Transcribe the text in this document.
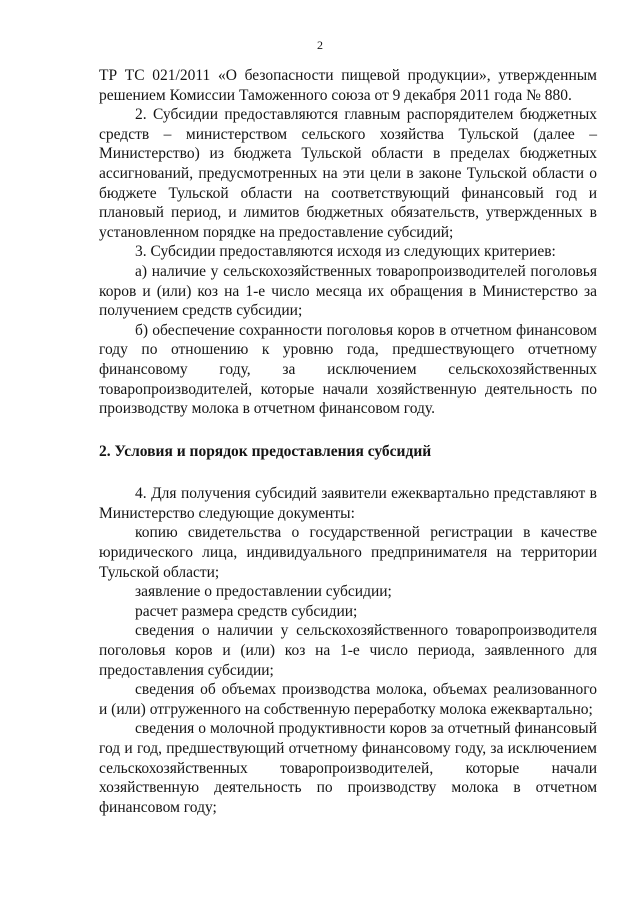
2

ТР ТС 021/2011 «О безопасности пищевой продукции», утвержденным решением Комиссии Таможенного союза от 9 декабря 2011 года № 880.

2. Субсидии предоставляются главным распорядителем бюджетных средств – министерством сельского хозяйства Тульской (далее – Министерство) из бюджета Тульской области в пределах бюджетных ассигнований, предусмотренных на эти цели в законе Тульской области о бюджете Тульской области на соответствующий финансовый год и плановый период, и лимитов бюджетных обязательств, утвержденных в установленном порядке на предоставление субсидий;

3. Субсидии предоставляются исходя из следующих критериев:

а) наличие у сельскохозяйственных товаропроизводителей поголовья коров и (или) коз на 1-е число месяца их обращения в Министерство за получением средств субсидии;

б) обеспечение сохранности поголовья коров в отчетном финансовом году по отношению к уровню года, предшествующего отчетному финансовому году, за исключением сельскохозяйственных товаропроизводителей, которые начали хозяйственную деятельность по производству молока в отчетном финансовом году.

2. Условия и порядок предоставления субсидий

4. Для получения субсидий заявители ежеквартально представляют в Министерство следующие документы:

копию свидетельства о государственной регистрации в качестве юридического лица, индивидуального предпринимателя на территории Тульской области;

заявление о предоставлении субсидии;

расчет размера средств субсидии;

сведения о наличии у сельскохозяйственного товаропроизводителя поголовья коров и (или) коз на 1-е число периода, заявленного для предоставления субсидии;

сведения об объемах производства молока, объемах реализованного и (или) отгруженного на собственную переработку молока ежеквартально;

сведения о молочной продуктивности коров за отчетный финансовый год и год, предшествующий отчетному финансовому году, за исключением сельскохозяйственных товаропроизводителей, которые начали хозяйственную деятельность по производству молока в отчетном финансовом году;
